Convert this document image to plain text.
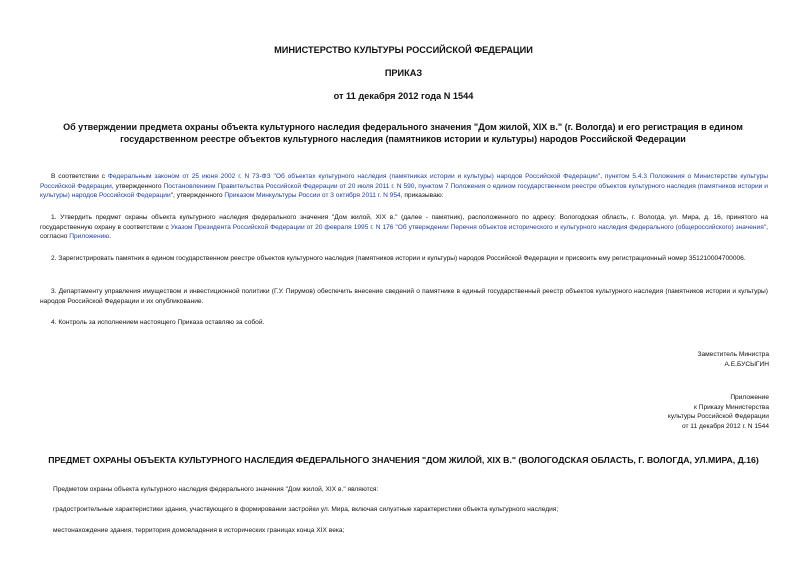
МИНИСТЕРСТВО КУЛЬТУРЫ РОССИЙСКОЙ ФЕДЕРАЦИИ
ПРИКАЗ
от 11 декабря 2012 года N 1544
Об утверждении предмета охраны объекта культурного наследия федерального значения "Дом жилой, XIX в." (г. Вологда) и его регистрация в едином государственном реестре объектов культурного наследия (памятников истории и культуры) народов Российской Федерации
В соответствии с Федеральным законом от 25 июня 2002 г. N 73-ФЗ "Об объектах культурного наследия (памятниках истории и культуры) народов Российской Федерации", пунктом 5.4.3 Положения о Министерстве культуры Российской Федерации, утвержденного Постановлением Правительства Российской Федерации от 20 июля 2011 г. N 590, пунктом 7 Положения о едином государственном реестре объектов культурного наследия (памятников истории и культуры) народов Российской Федерации", утвержденного Приказом Минкультуры России от 3 октября 2011 г. N 954, приказываю:
1. Утвердить предмет охраны объекта культурного наследия федерального значения "Дом жилой, XIX в." (далее - памятник), расположенного по адресу: Вологодская область, г. Вологда, ул. Мира, д. 16, принятого на государственную охрану в соответствии с Указом Президента Российской Федерации от 20 февраля 1995 г. N 176 "Об утверждении Перечня объектов исторического и культурного наследия федерального (общероссийского) значения", согласно Приложению.
2. Зарегистрировать памятник в едином государственном реестре объектов культурного наследия (памятников истории и культуры) народов Российской Федерации и присвоить ему регистрационный номер 351210004700006.
3. Департаменту управления имуществом и инвестиционной политики (Г.У. Пирумов) обеспечить внесение сведений о памятнике в единый государственный реестр объектов культурного наследия (памятников истории и культуры) народов Российской Федерации и их опубликование.
4. Контроль за исполнением настоящего Приказа оставляю за собой.
Заместитель Министра
А.Е.БУСЫГИН
Приложение
к Приказу Министерства
культуры Российской Федерации
от 11 декабря 2012 г. N 1544
ПРЕДМЕТ ОХРАНЫ ОБЪЕКТА КУЛЬТУРНОГО НАСЛЕДИЯ ФЕДЕРАЛЬНОГО ЗНАЧЕНИЯ "ДОМ ЖИЛОЙ, XIX В." (ВОЛОГОДСКАЯ ОБЛАСТЬ, Г. ВОЛОГДА, УЛ.МИРА, Д.16)
Предметом охраны объекта культурного наследия федерального значения "Дом жилой, XIX в." являются:
градостроительные характеристики здания, участвующего в формировании застройки ул. Мира, включая силуэтные характеристики объекта культурного наследия;
местонахождение здания, территория домовладения в исторических границах конца XIX века;
